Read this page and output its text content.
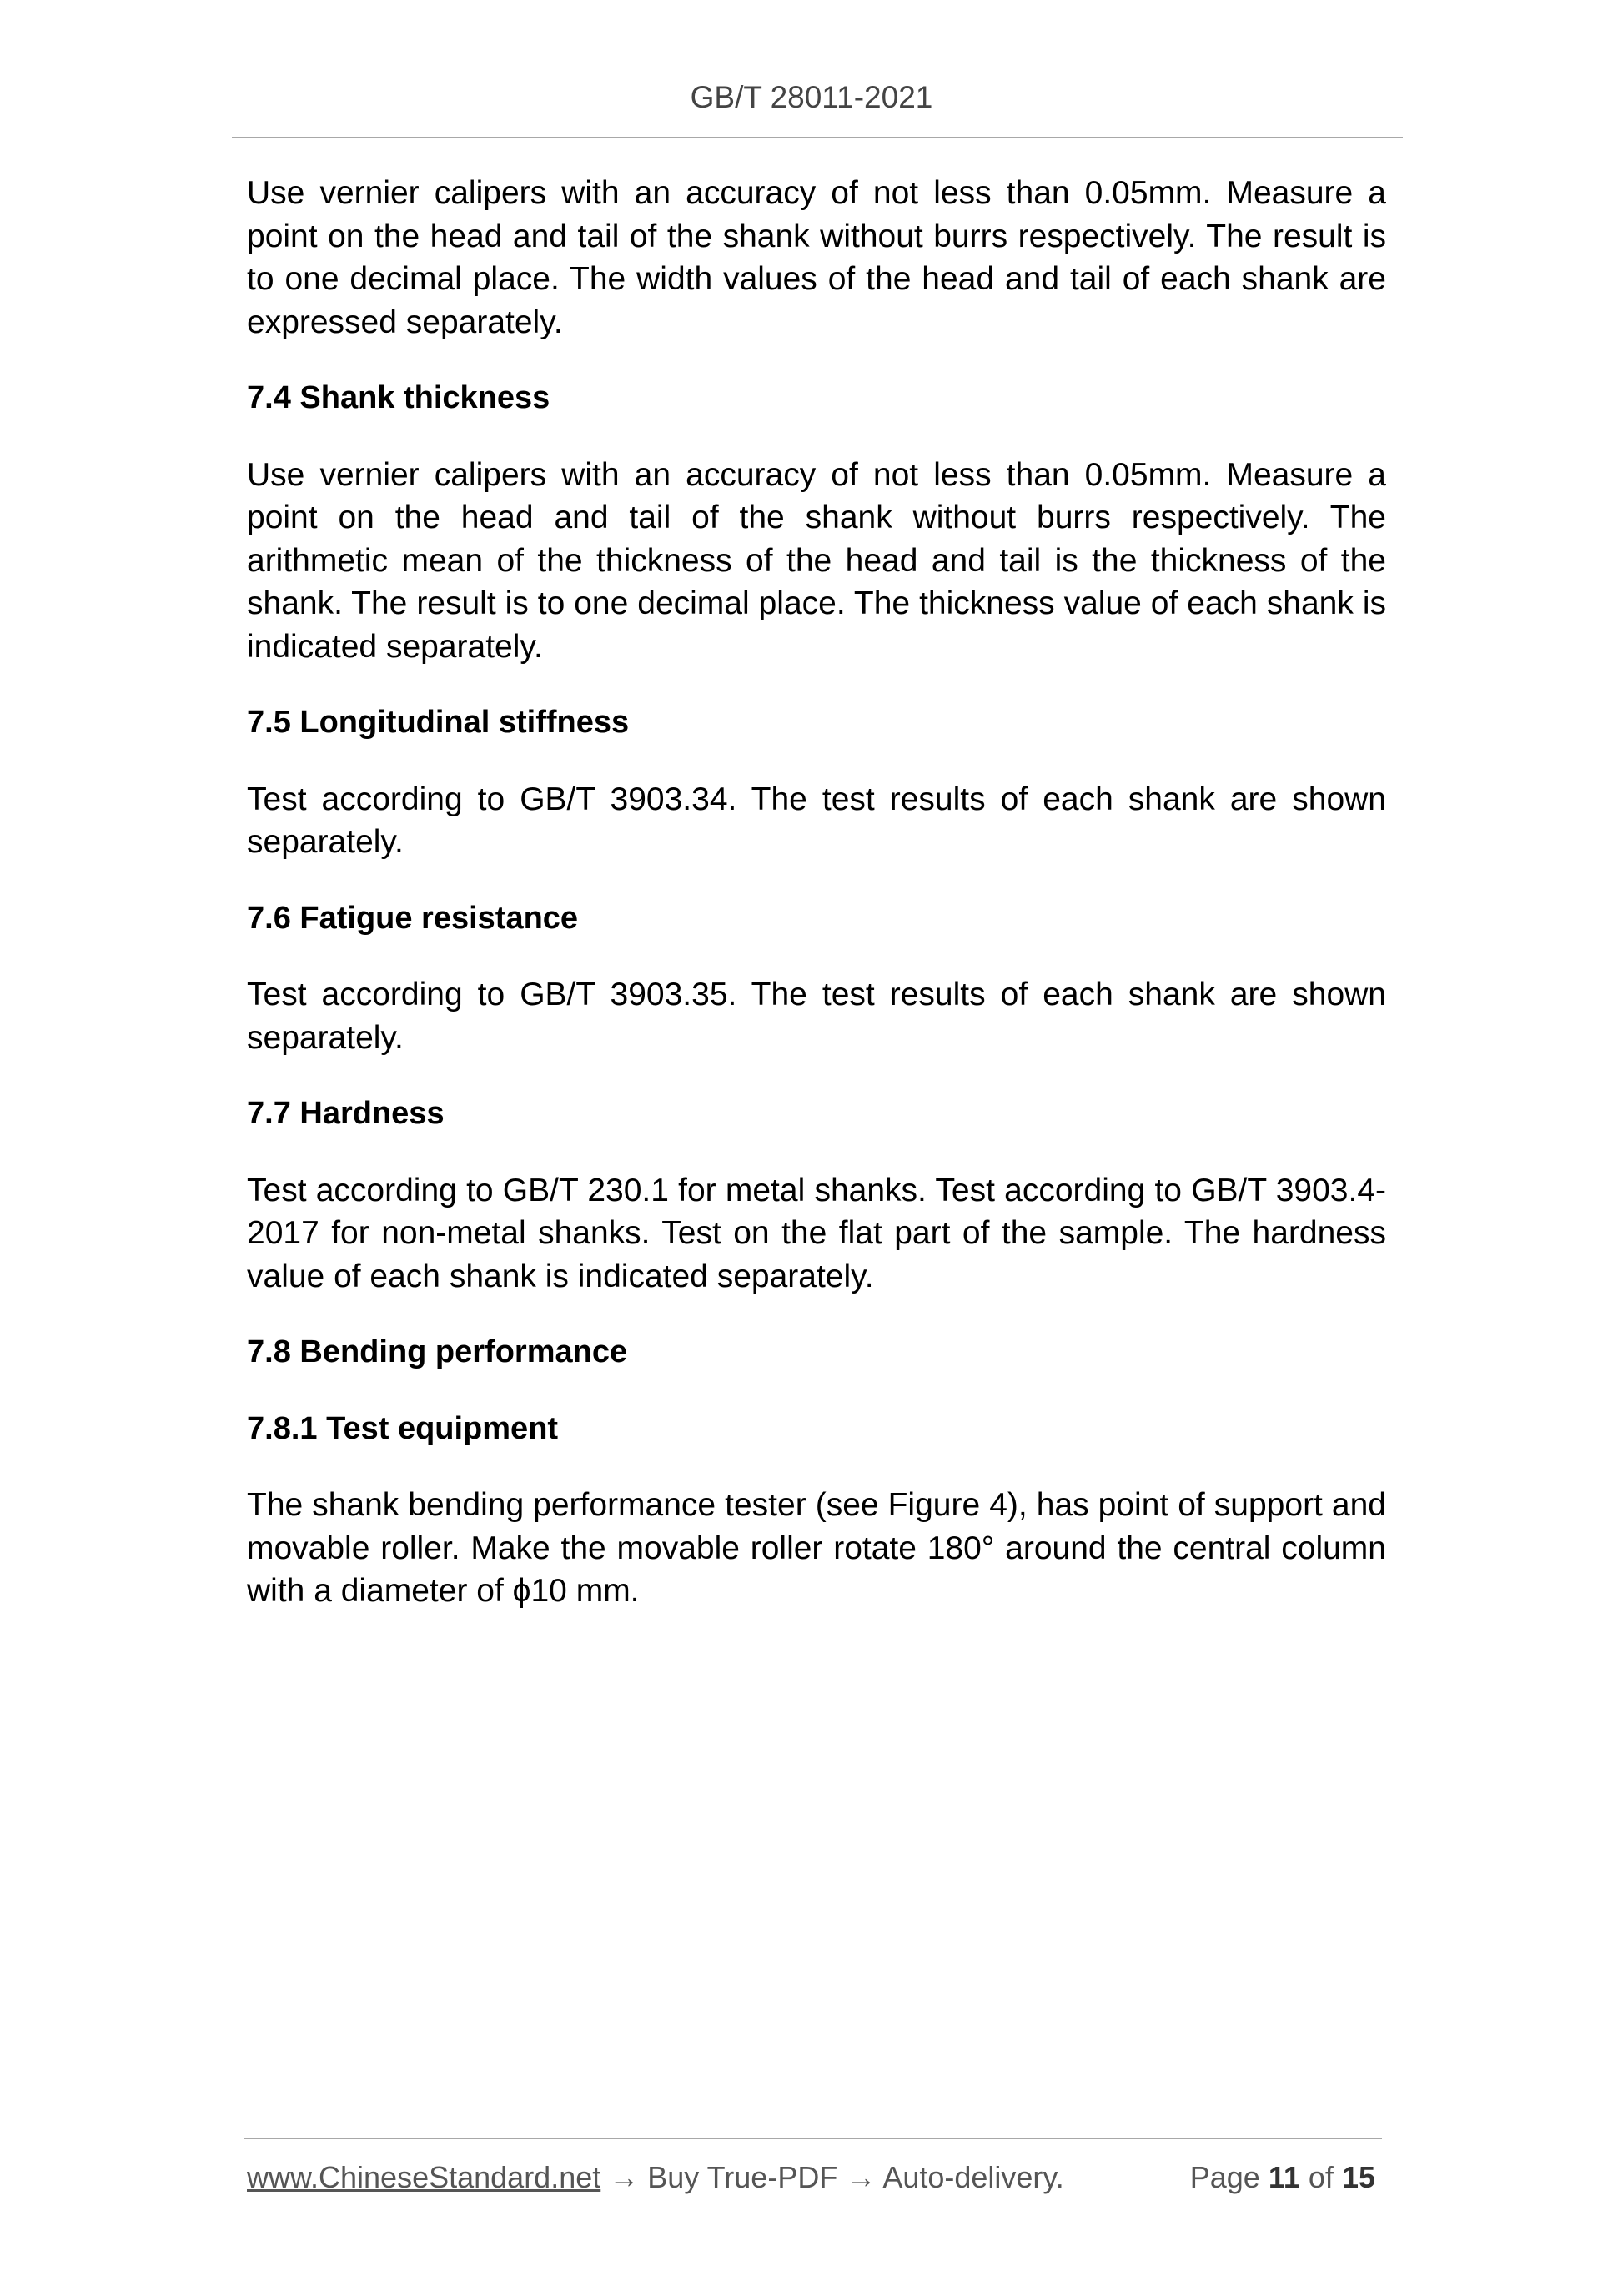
GB/T 28011-2021

Use vernier calipers with an accuracy of not less than 0.05mm. Measure a point on the head and tail of the shank without burrs respectively. The result is to one decimal place. The width values of the head and tail of each shank are expressed separately.

7.4 Shank thickness

Use vernier calipers with an accuracy of not less than 0.05mm. Measure a point on the head and tail of the shank without burrs respectively. The arithmetic mean of the thickness of the head and tail is the thickness of the shank. The result is to one decimal place. The thickness value of each shank is indicated separately.

7.5 Longitudinal stiffness

Test according to GB/T 3903.34. The test results of each shank are shown separately.

7.6 Fatigue resistance

Test according to GB/T 3903.35. The test results of each shank are shown separately.

7.7 Hardness

Test according to GB/T 230.1 for metal shanks. Test according to GB/T 3903.4-2017 for non-metal shanks. Test on the flat part of the sample. The hardness value of each shank is indicated separately.

7.8 Bending performance

7.8.1 Test equipment

The shank bending performance tester (see Figure 4), has point of support and movable roller. Make the movable roller rotate 180° around the central column with a diameter of ϕ10 mm.

www.ChineseStandard.net → Buy True-PDF → Auto-delivery.	Page 11 of 15
